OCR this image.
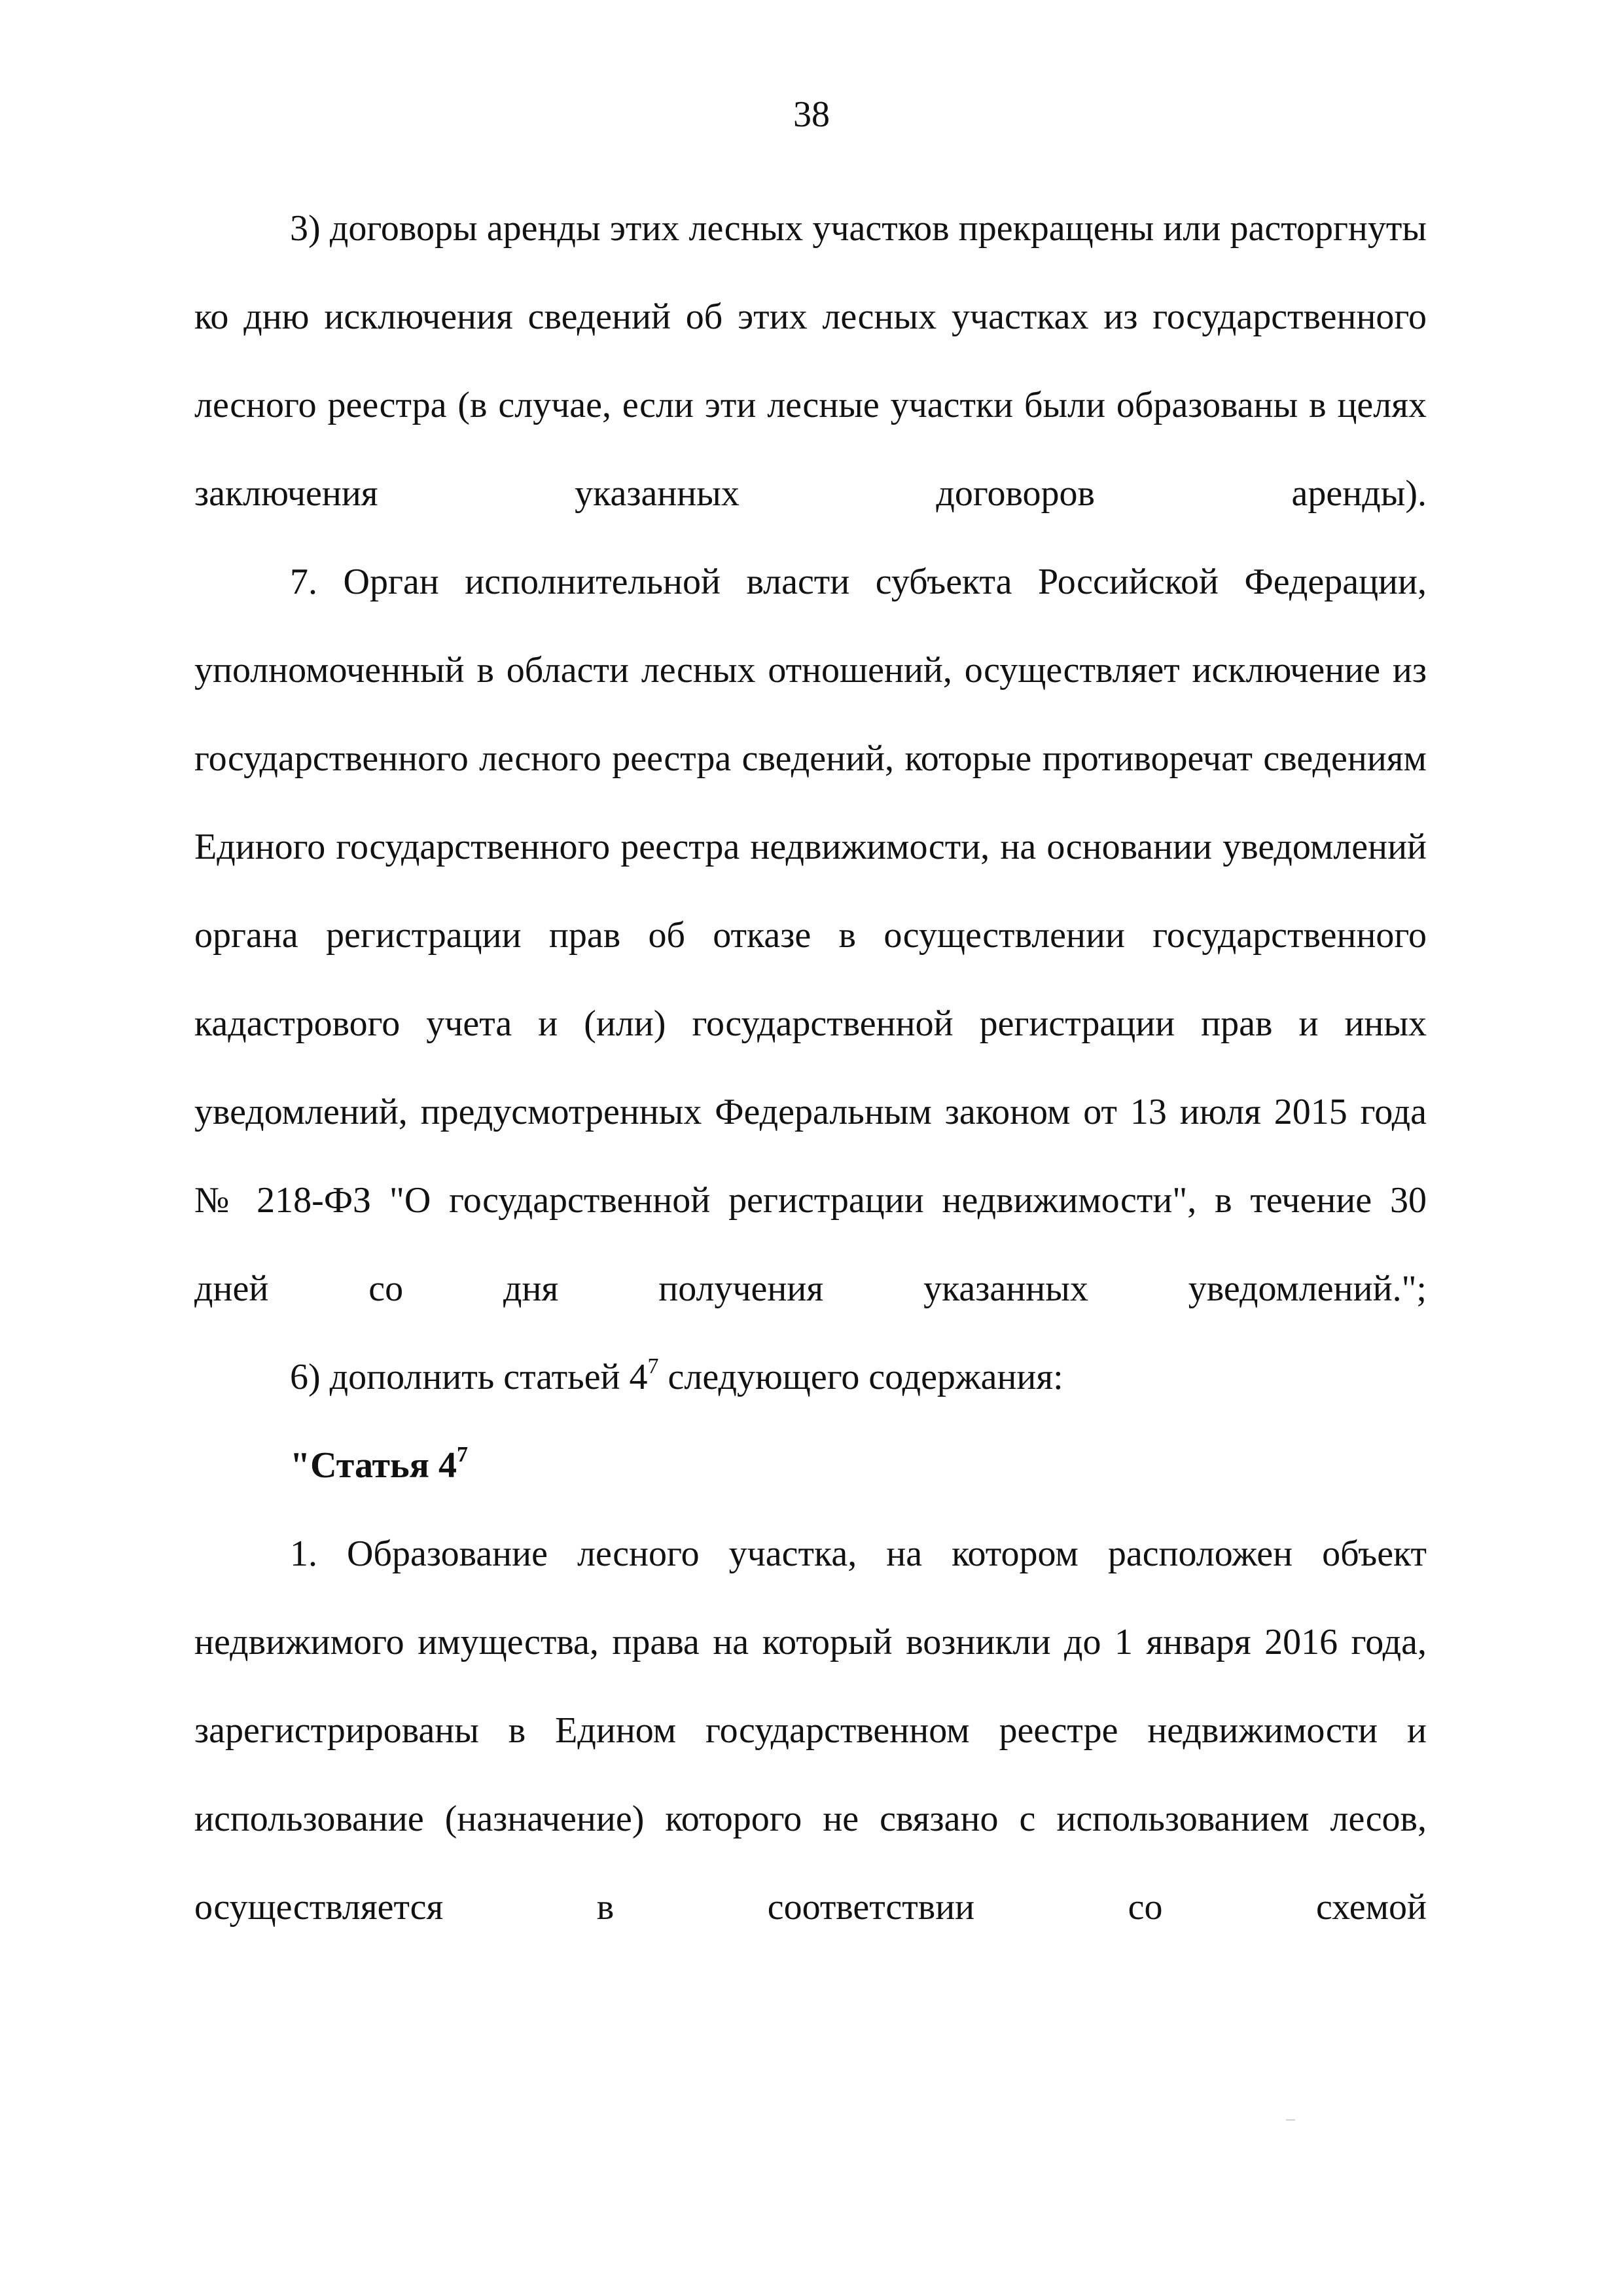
38

3) договоры аренды этих лесных участков прекращены или расторгнуты ко дню исключения сведений об этих лесных участках из государственного лесного реестра (в случае, если эти лесные участки были образованы в целях заключения указанных договоров аренды).

7. Орган исполнительной власти субъекта Российской Федерации, уполномоченный в области лесных отношений, осуществляет исключение из государственного лесного реестра сведений, которые противоречат сведениям Единого государственного реестра недвижимости, на основании уведомлений органа регистрации прав об отказе в осуществлении государственного кадастрового учета и (или) государственной регистрации прав и иных уведомлений, предусмотренных Федеральным законом от 13 июля 2015 года № 218-ФЗ "О государственной регистрации недвижимости", в течение 30 дней со дня получения указанных уведомлений.";

6) дополнить статьей $4^7$ следующего содержания:

"Статья $4^7$

1. Образование лесного участка, на котором расположен объект недвижимого имущества, права на который возникли до 1 января 2016 года, зарегистрированы в Едином государственном реестре недвижимости и использование (назначение) которого не связано с использованием лесов, осуществляется в соответствии со схемой
